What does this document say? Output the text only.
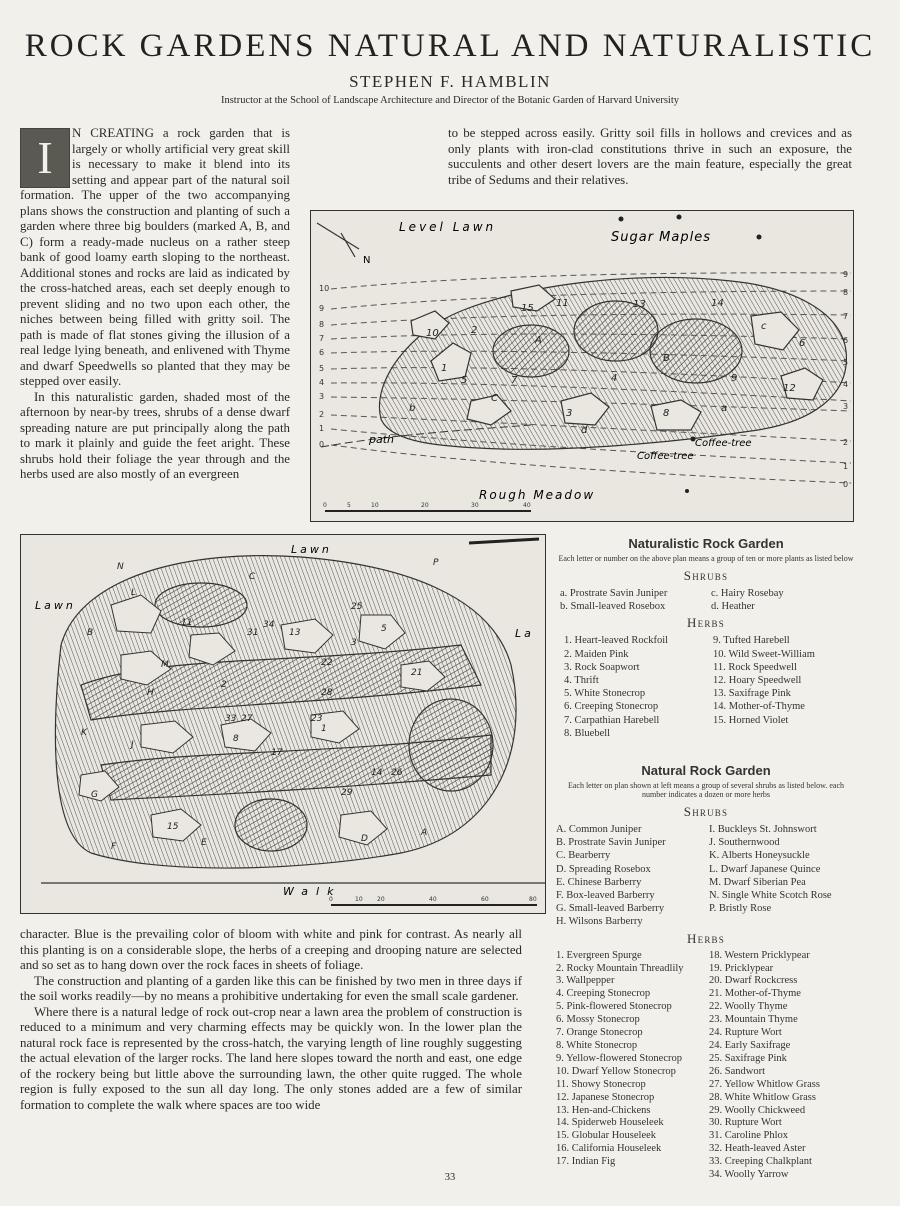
ROCK GARDENS NATURAL AND NATURALISTIC
STEPHEN F. HAMBLIN
Instructor at the School of Landscape Architecture and Director of the Botanic Garden of Harvard University
I	N CREATING a rock garden that is largely or wholly artificial very great skill is necessary to make it blend into its setting and appear part of the natural soil formation. The upper of the two accompanying plans shows the construction and planting of such a garden where three big boulders (marked A, B, and C) form a ready-made nucleus on a rather steep bank of good loamy earth sloping to the northeast. Additional stones and rocks are laid as indicated by the cross-hatched areas, each set deeply enough to prevent sliding and no two upon each other, the niches between being filled with gritty soil. The path is made of flat stones giving the illusion of a real ledge lying beneath, and enlivened with Thyme and dwarf Speedwells so planted that they may be stepped over easily.

In this naturalistic garden, shaded most of the afternoon by near-by trees, shrubs of a dense dwarf spreading nature are put principally along the path to mark it plainly and guide the feet aright. These shrubs hold their foliage the year through and the herbs used are also mostly of an evergreen

to be stepped across easily. Gritty soil fills in hollows and crevices and as only plants with iron-clad constitutions thrive in such an exposure, the succulents and other desert lovers are the main feature, especially the great tribe of Sedums and their relatives.

N
Level Lawn
Sugar Maples
Coffee-tree
Coffee-tree
Rough Meadow
path
10
9
8
7
6
5
4
3
2
1
0
9
8
7
6
5
4
3
2
1
0
A
B
C
a
b
c
d
1
2
3
4
5
6
7
8
9
10
11
12
13	14
15
0	5	10	20	30	40
Lawn
Lawn
La
Walk
A
B
C
D
E
F
G
H
J
K
L
M
N	P
1
2
3
5
8
11
13
14
15
17
21
22
23
25
26
27
28
29
31
33
34
0	10 20	40	60	80
Naturalistic Rock Garden
Each letter or number on the above plan means a group of ten or more plants as listed below
Shrubs
a. Prostrate Savin Juniper	c. Hairy Rosebay
b. Small-leaved Rosebox	d. Heather
Herbs
1. Heart-leaved Rockfoil	9. Tufted Harebell
2. Maiden Pink	10. Wild Sweet-William
3. Rock Soapwort	11. Rock Speedwell
4. Thrift	12. Hoary Speedwell
5. White Stonecrop	13. Saxifrage Pink
6. Creeping Stonecrop	14. Mother-of-Thyme
7. Carpathian Harebell	15. Horned Violet
8. Bluebell
Natural Rock Garden
Each letter on plan shown at left means a group of several shrubs as listed below. each number indicates a dozen or more herbs
Shrubs
A. Common Juniper	I. Buckleys St. Johnswort
B. Prostrate Savin Juniper	J. Southernwood
C. Bearberry	K. Alberts Honeysuckle
D. Spreading Rosebox	L. Dwarf Japanese Quince
E. Chinese Barberry	M. Dwarf Siberian Pea
F. Box-leaved Barberry	N. Single White Scotch Rose
G. Small-leaved Barberry	P. Bristly Rose
H. Wilsons Barberry
Herbs
1. Evergreen Spurge	18. Western Pricklypear
2. Rocky Mountain Threadlily	19. Pricklypear
3. Wallpepper	20. Dwarf Rockcress
4. Creeping Stonecrop	21. Mother-of-Thyme
5. Pink-flowered Stonecrop	22. Woolly Thyme
6. Mossy Stonecrop	23. Mountain Thyme
7. Orange Stonecrop	24. Rupture Wort
8. White Stonecrop	24. Early Saxifrage
9. Yellow-flowered Stonecrop	25. Saxifrage Pink
10. Dwarf Yellow Stonecrop	26. Sandwort
11. Showy Stonecrop	27. Yellow Whitlow Grass
12. Japanese Stonecrop	28. White Whitlow Grass
13. Hen-and-Chickens	29. Woolly Chickweed
14. Spiderweb Houseleek	30. Rupture Wort
15. Globular Houseleek	31. Caroline Phlox
16. California Houseleek	32. Heath-leaved Aster
17. Indian Fig	33. Creeping Chalkplant
34. Woolly Yarrow

character. Blue is the prevailing color of bloom with white and pink for contrast. As nearly all this planting is on a considerable slope, the herbs of a creeping and drooping nature are selected and so set as to hang down over the rock faces in sheets of foliage.

The construction and planting of a garden like this can be finished by two men in three days if the soil works readily—by no means a prohibitive undertaking for even the small scale gardener.

Where there is a natural ledge of rock out-crop near a lawn area the problem of construction is reduced to a minimum and very charming effects may be quickly won. In the lower plan the natural rock face is represented by the cross-hatch, the varying length of line roughly suggesting the actual elevation of the larger rocks. The land here slopes toward the north and east, one edge of the rockery being but little above the surrounding lawn, the other quite rugged. The whole region is fully exposed to the sun all day long. The only stones added are a few of similar formation to complete the walk where spaces are too wide

33
